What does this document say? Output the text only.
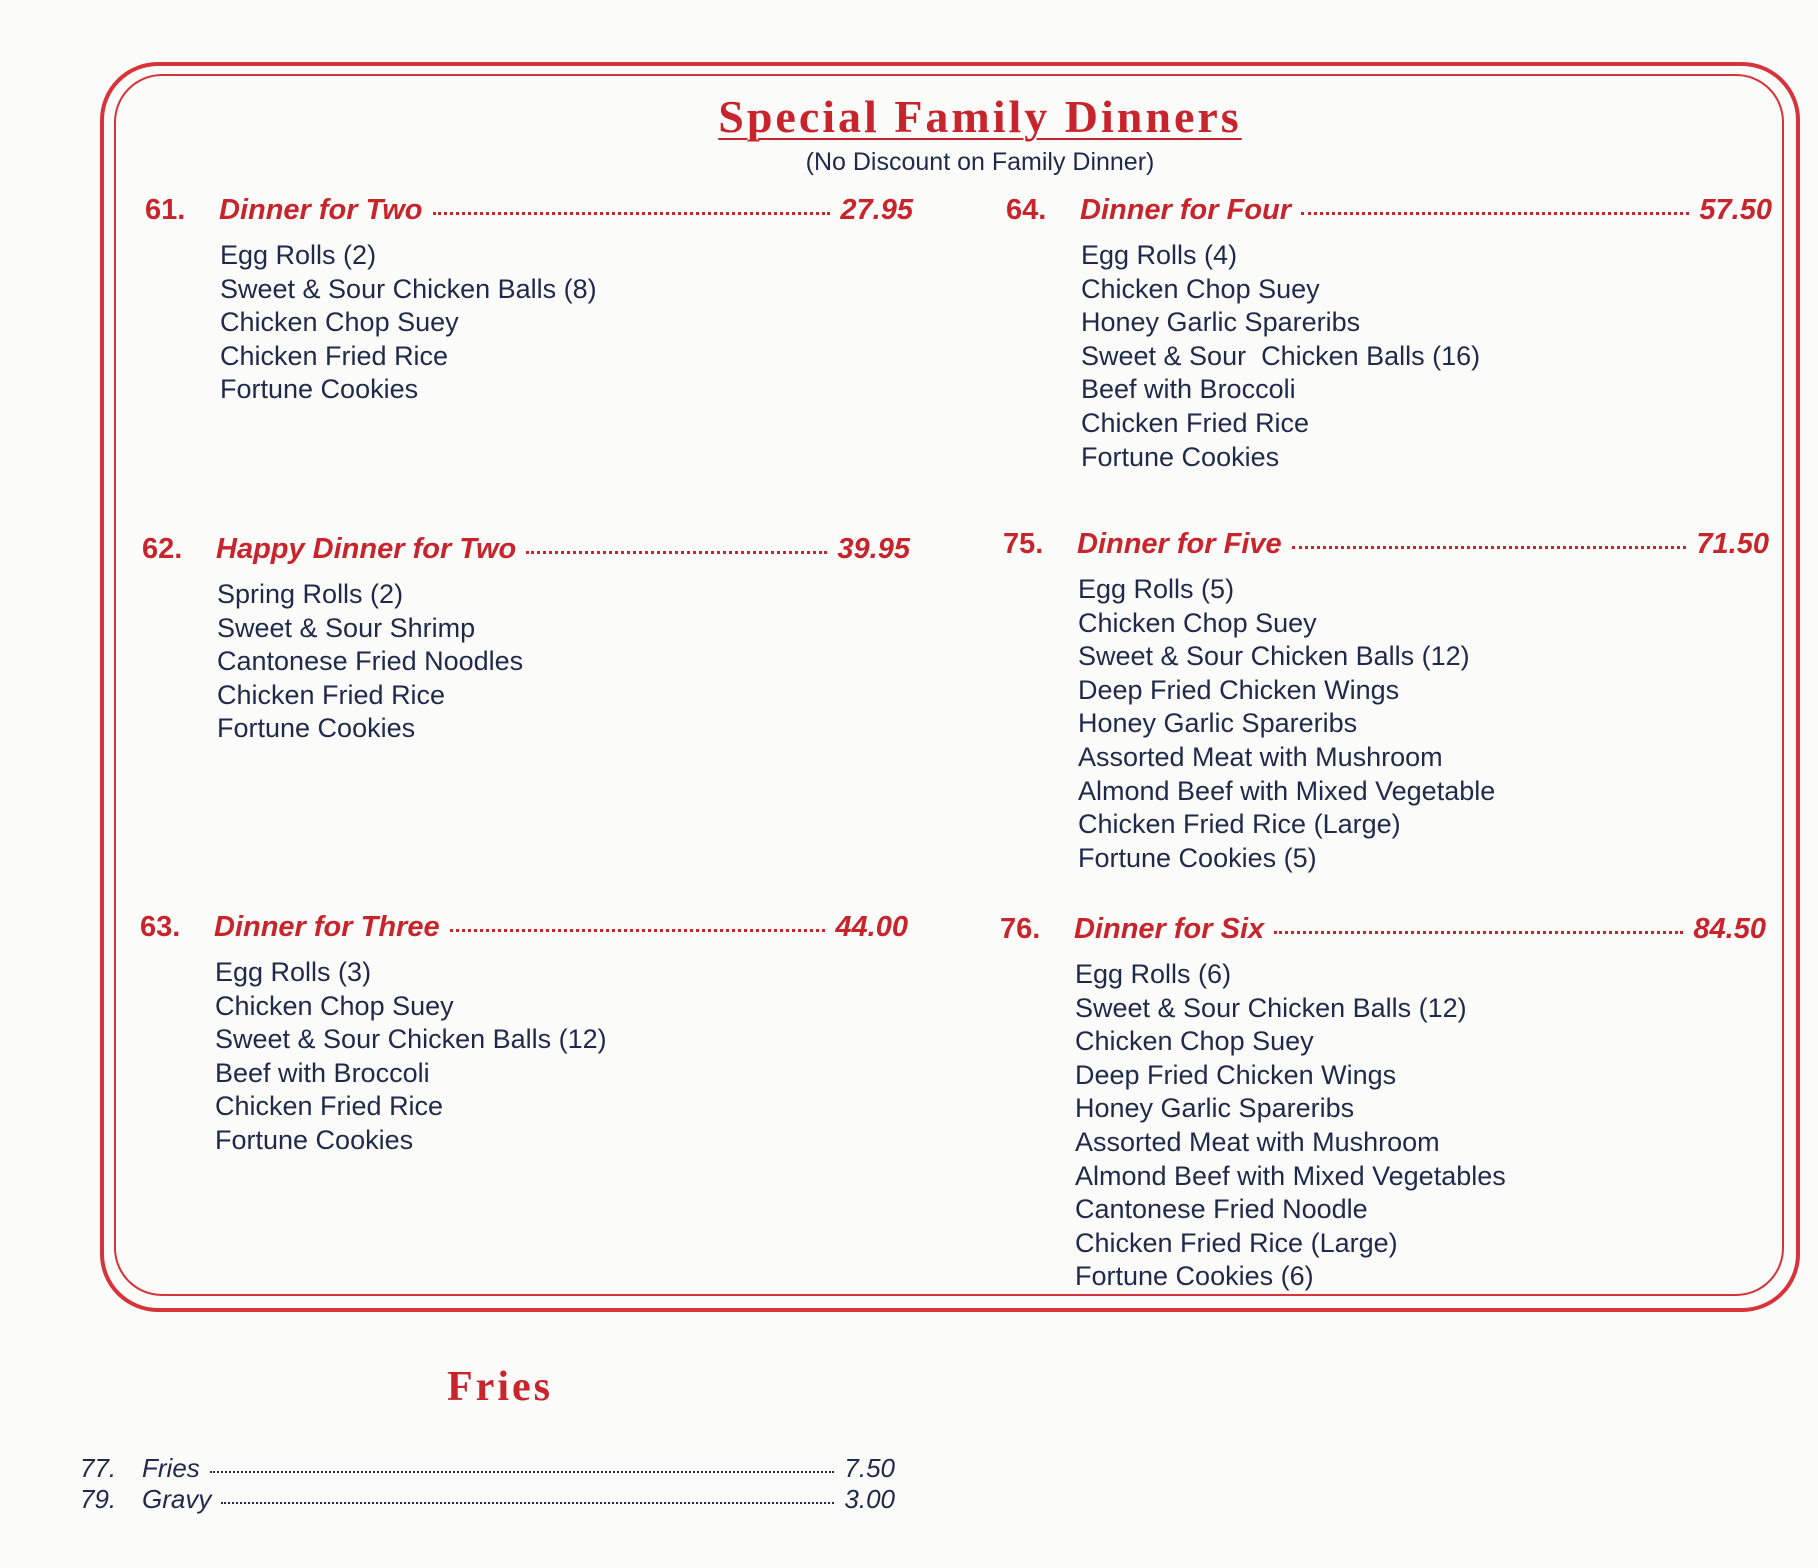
Special Family Dinners

(No Discount on Family Dinner)

61.	Dinner for Two	27.95
Egg Rolls (2)
Sweet & Sour Chicken Balls (8)
Chicken Chop Suey
Chicken Fried Rice
Fortune Cookies
62.	Happy Dinner for Two	39.95
Spring Rolls (2)
Sweet & Sour Shrimp
Cantonese Fried Noodles
Chicken Fried Rice
Fortune Cookies
63.	Dinner for Three	44.00
Egg Rolls (3)
Chicken Chop Suey
Sweet & Sour Chicken Balls (12)
Beef with Broccoli
Chicken Fried Rice
Fortune Cookies
64.	Dinner for Four	57.50
Egg Rolls (4)
Chicken Chop Suey
Honey Garlic Spareribs
Sweet & Sour  Chicken Balls (16)
Beef with Broccoli
Chicken Fried Rice
Fortune Cookies
75.	Dinner for Five	71.50
Egg Rolls (5)
Chicken Chop Suey
Sweet & Sour Chicken Balls (12)
Deep Fried Chicken Wings
Honey Garlic Spareribs
Assorted Meat with Mushroom
Almond Beef with Mixed Vegetable
Chicken Fried Rice (Large)
Fortune Cookies (5)
76.	Dinner for Six	84.50
Egg Rolls (6)
Sweet & Sour Chicken Balls (12)
Chicken Chop Suey
Deep Fried Chicken Wings
Honey Garlic Spareribs
Assorted Meat with Mushroom
Almond Beef with Mixed Vegetables
Cantonese Fried Noodle
Chicken Fried Rice (Large)
Fortune Cookies (6)
Fries
77. Fries	7.50
79. Gravy	3.00
